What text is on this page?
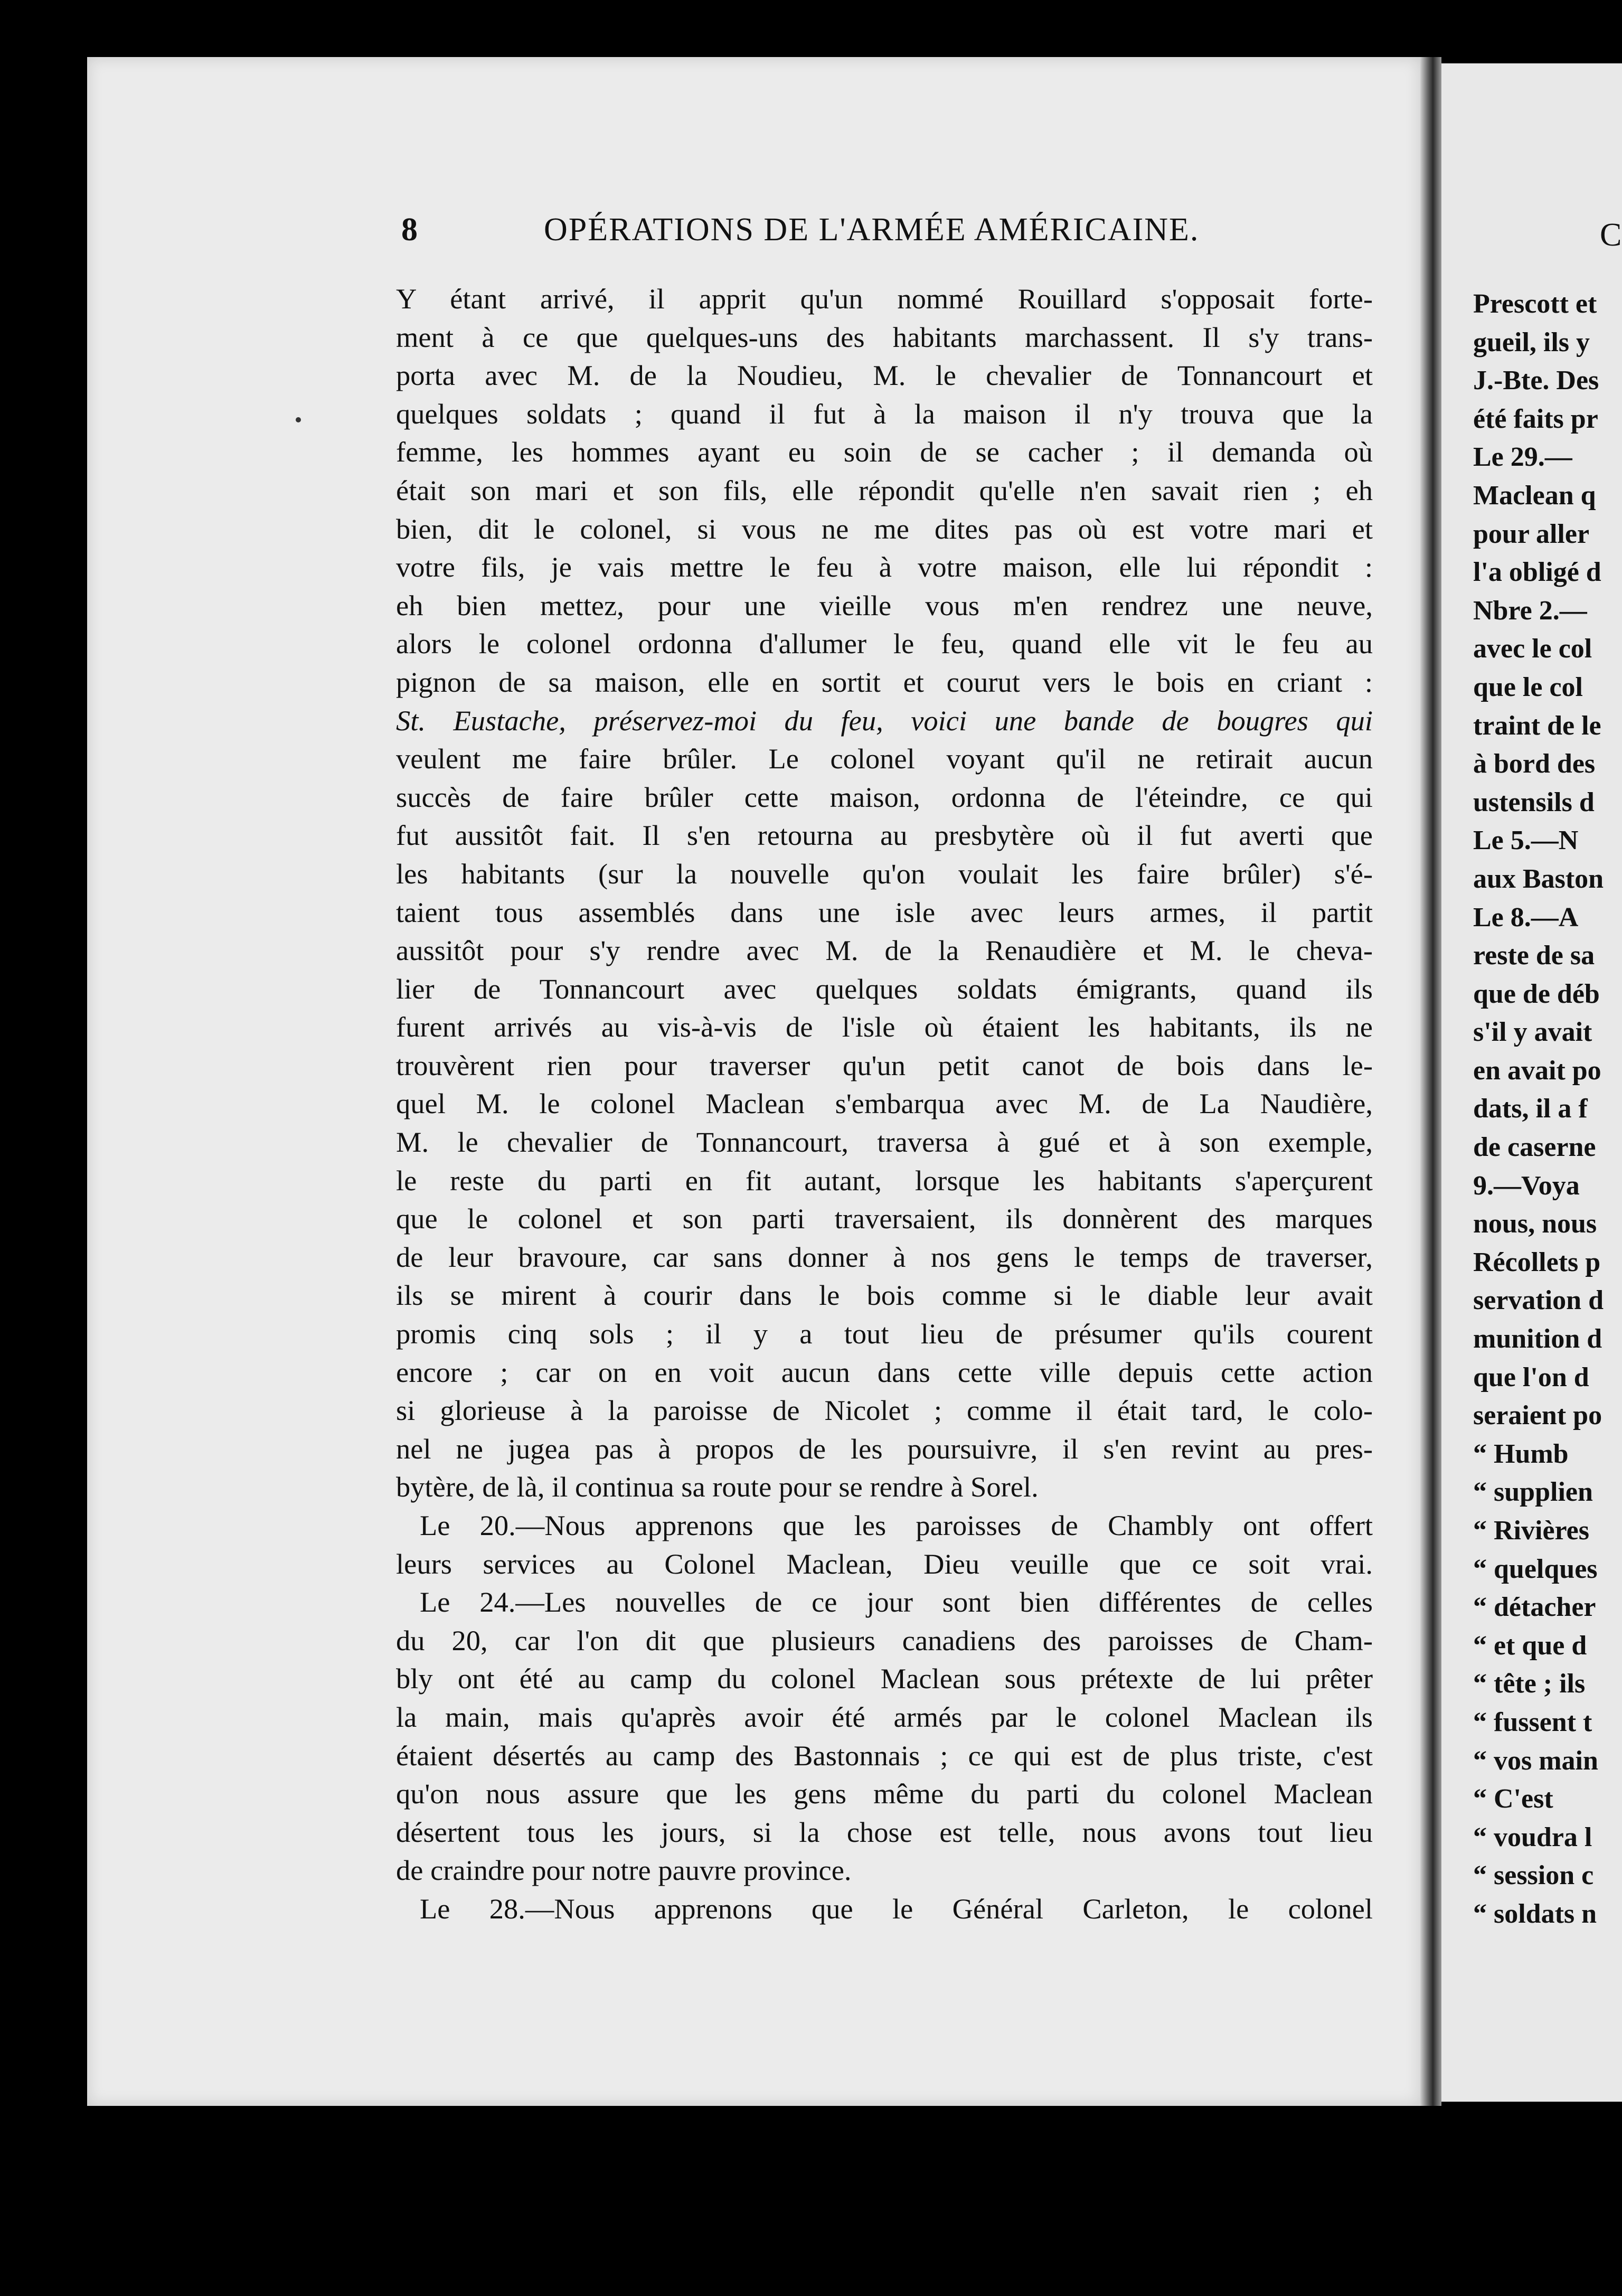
8	OPÉRATIONS DE L'ARMÉE AMÉRICAINE.
Y étant arrivé, il apprit qu'un nommé Rouillard s'opposait forte-
ment à ce que quelques-uns des habitants marchassent. Il s'y trans-
porta avec M. de la Noudieu, M. le chevalier de Tonnancourt et
quelques soldats ; quand il fut à la maison il n'y trouva que la
femme, les hommes ayant eu soin de se cacher ; il demanda où
était son mari et son fils, elle répondit qu'elle n'en savait rien ; eh
bien, dit le colonel, si vous ne me dites pas où est votre mari et
votre fils, je vais mettre le feu à votre maison, elle lui répondit :
eh bien mettez, pour une vieille vous m'en rendrez une neuve,
alors le colonel ordonna d'allumer le feu, quand elle vit le feu au
pignon de sa maison, elle en sortit et courut vers le bois en criant :
St. Eustache, préservez-moi du feu, voici une bande de bougres qui
veulent me faire brûler. Le colonel voyant qu'il ne retirait aucun
succès de faire brûler cette maison, ordonna de l'éteindre, ce qui
fut aussitôt fait. Il s'en retourna au presbytère où il fut averti que
les habitants (sur la nouvelle qu'on voulait les faire brûler) s'é-
taient tous assemblés dans une isle avec leurs armes, il partit
aussitôt pour s'y rendre avec M. de la Renaudière et M. le cheva-
lier de Tonnancourt avec quelques soldats émigrants, quand ils
furent arrivés au vis-à-vis de l'isle où étaient les habitants, ils ne
trouvèrent rien pour traverser qu'un petit canot de bois dans le-
quel M. le colonel Maclean s'embarqua avec M. de La Naudière,
M. le chevalier de Tonnancourt, traversa à gué et à son exemple,
le reste du parti en fit autant, lorsque les habitants s'aperçurent
que le colonel et son parti traversaient, ils donnèrent des marques
de leur bravoure, car sans donner à nos gens le temps de traverser,
ils se mirent à courir dans le bois comme si le diable leur avait
promis cinq sols ; il y a tout lieu de présumer qu'ils courent
encore ; car on en voit aucun dans cette ville depuis cette action
si glorieuse à la paroisse de Nicolet ; comme il était tard, le colo-
nel ne jugea pas à propos de les poursuivre, il s'en revint au pres-
bytère, de là, il continua sa route pour se rendre à Sorel.
Le 20.—Nous apprenons que les paroisses de Chambly ont offert
leurs services au Colonel Maclean, Dieu veuille que ce soit vrai.
Le 24.—Les nouvelles de ce jour sont bien différentes de celles
du 20, car l'on dit que plusieurs canadiens des paroisses de Cham-
bly ont été au camp du colonel Maclean sous prétexte de lui prêter
la main, mais qu'après avoir été armés par le colonel Maclean ils
étaient désertés au camp des Bastonnais ; ce qui est de plus triste, c'est
qu'on nous assure que les gens même du parti du colonel Maclean
désertent tous les jours, si la chose est telle, nous avons tout lieu
de craindre pour notre pauvre province.
Le 28.—Nous apprenons que le Général Carleton, le colonel
C
Prescott et
gueil, ils y
J.-Bte. Des
été faits pr
Le 29.—
Maclean q
pour aller
l'a obligé d
Nbre 2.—
avec le col
que le col
traint de le
à bord des
ustensils d
Le 5.—N
aux Baston
Le 8.—A
reste de sa
que de déb
s'il y avait
en avait po
dats, il a f
de caserne
9.—Voya
nous, nous
Récollets p
servation d
munition d
que l'on d
seraient po
“ Humb
“ supplien
“ Rivières
“ quelques
“ détacher
“ et que d
“ tête ; ils
“ fussent t
“ vos main
“ C'est
“ voudra l
“ session c
“ soldats n
